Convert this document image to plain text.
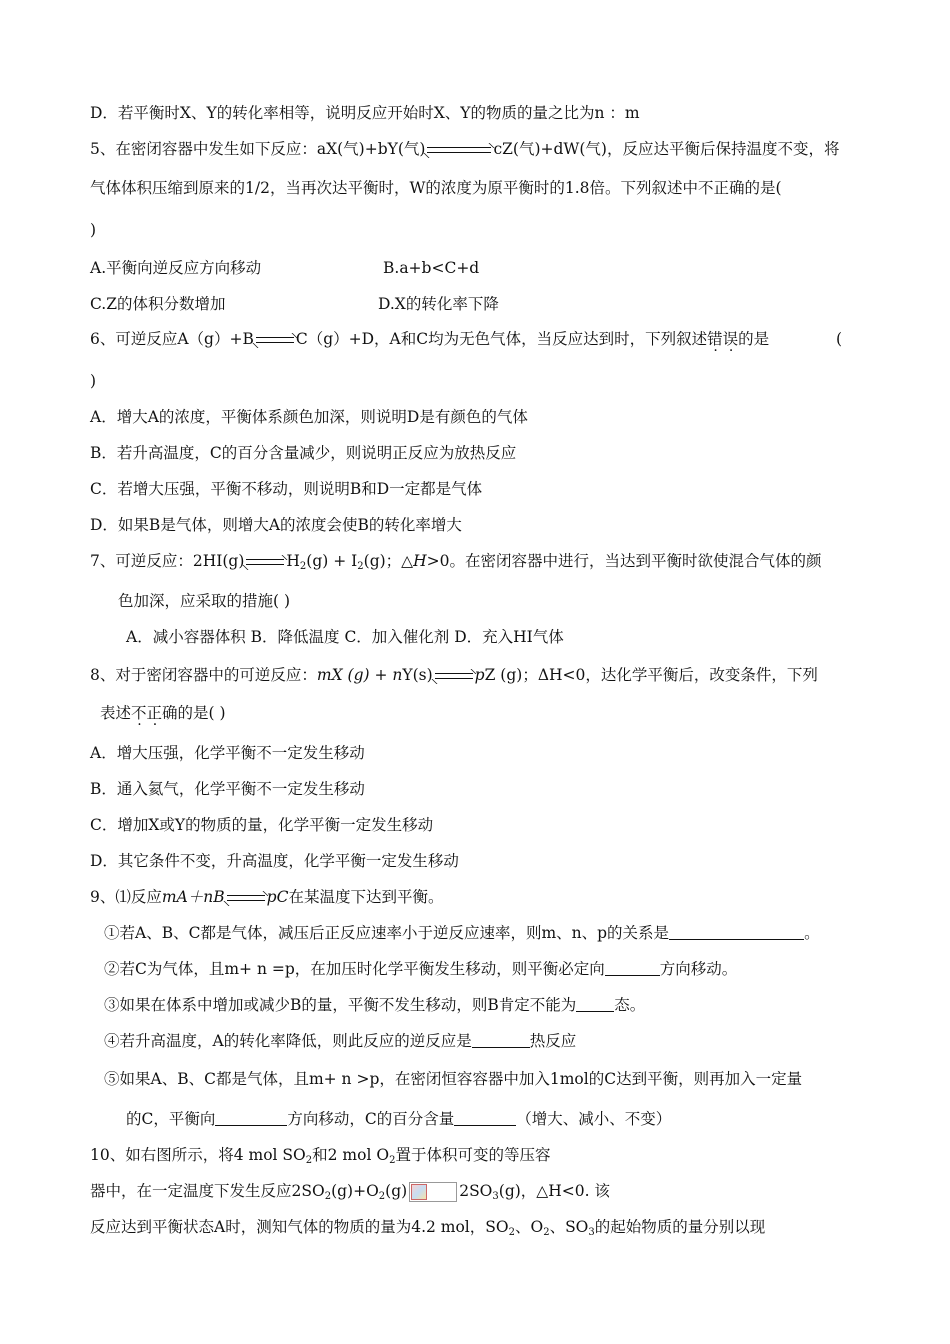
D．若平衡时X、Y的转化率相等，说明反应开始时X、Y的物质的量之比为n ：m
5、在密闭容器中发生如下反应：aX(气)+bY(气)	cZ(气)+dW(气)，反应达平衡后保持温度不变，将
气体体积压缩到原来的1/2，当再次达平衡时，W的浓度为原平衡时的1.8倍。下列叙述中不正确的是(
)
A.平衡向逆反应方向移动	B.a+b<C+d
C.Z的体积分数增加	D.X的转化率下降
6、可逆反应A（g）+B	C（g）+D，A和C均为无色气体，当反应达到时，下列叙述错误的是	(
)
A．增大A的浓度，平衡体系颜色加深，则说明D是有颜色的气体
B．若升高温度，C的百分含量减少，则说明正反应为放热反应
C．若增大压强，平衡不移动，则说明B和D一定都是气体
D．如果B是气体，则增大A的浓度会使B的转化率增大
7、可逆反应：2HI(g)	$H_2(g) + I_2(g)$；△H>0。在密闭容器中进行，当达到平衡时欲使混合气体的颜
色加深，应采取的措施( )
A．减小容器体积 B．降低温度 C．加入催化剂 D．充入HI气体
8、对于密闭容器中的可逆反应：mX (g) + nY(s)	pZ (g)；ΔH<0，达化学平衡后，改变条件，下列
表述不正确的是( )
A．增大压强，化学平衡不一定发生移动
B．通入氦气，化学平衡不一定发生移动
C．增加X或Y的物质的量，化学平衡一定发生移动
D．其它条件不变，升高温度，化学平衡一定发生移动
9、⑴反应mA＋nB	pC在某温度下达到平衡。
①若A、B、C都是气体，减压后正反应速率小于逆反应速率，则m、n、p的关系是	。
②若C为气体，且m+ n =p，在加压时化学平衡发生移动，则平衡必定向	方向移动。
③如果在体系中增加或减少B的量，平衡不发生移动，则B肯定不能为 态。
④若升高温度，A的转化率降低，则此反应的逆反应是	热反应
⑤如果A、B、C都是气体，且m+ n >p，在密闭恒容容器中加入1mol的C达到平衡，则再加入一定量
的C，平衡向	方向移动，C的百分含量	（增大、减小、不变）
10、如右图所示，将4 mol $SO_2$和2 mol $O_2$置于体积可变的等压容
器中，在一定温度下发生反应$2SO_2(g)+O_2(g)$	$2SO_3(g)$，△H<0. 该
反应达到平衡状态A时，测知气体的物质的量为4.2 mol，$SO_2$、$O_2$、$SO_3$的起始物质的量分别以现
